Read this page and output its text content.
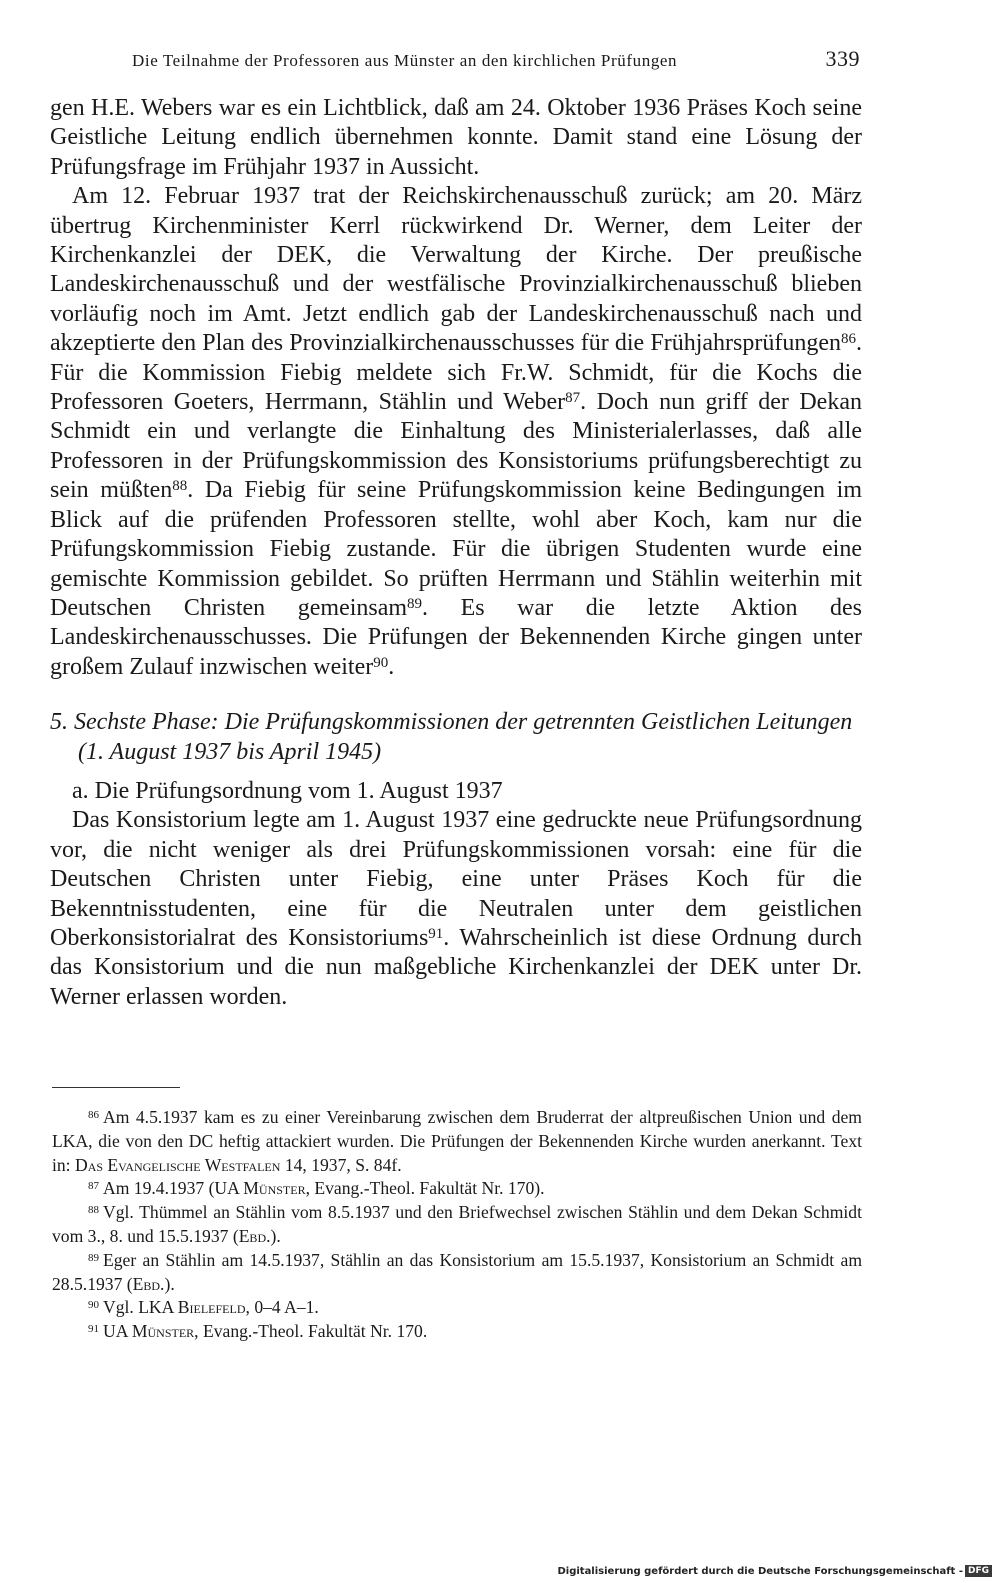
Die Teilnahme der Professoren aus Münster an den kirchlichen Prüfungen	339

gen H.E. Webers war es ein Lichtblick, daß am 24. Oktober 1936 Präses Koch seine Geistliche Leitung endlich übernehmen konnte. Damit stand eine Lösung der Prüfungsfrage im Frühjahr 1937 in Aussicht.

Am 12. Februar 1937 trat der Reichskirchenausschuß zurück; am 20. März übertrug Kirchenminister Kerrl rückwirkend Dr. Werner, dem Leiter der Kirchenkanzlei der DEK, die Verwaltung der Kirche. Der preußische Landeskirchenausschuß und der westfälische Provinzialkirchenausschuß blieben vorläufig noch im Amt. Jetzt endlich gab der Landeskirchenausschuß nach und akzeptierte den Plan des Provinzialkirchenausschusses für die Frühjahrsprüfungen$^{86}$. Für die Kommission Fiebig meldete sich Fr.W. Schmidt, für die Kochs die Professoren Goeters, Herrmann, Stählin und Weber$^{87}$. Doch nun griff der Dekan Schmidt ein und verlangte die Einhaltung des Ministerialerlasses, daß alle Professoren in der Prüfungskommission des Konsistoriums prüfungsberechtigt zu sein müßten$^{88}$. Da Fiebig für seine Prüfungskommission keine Bedingungen im Blick auf die prüfenden Professoren stellte, wohl aber Koch, kam nur die Prüfungskommission Fiebig zustande. Für die übrigen Studenten wurde eine gemischte Kommission gebildet. So prüften Herrmann und Stählin weiterhin mit Deutschen Christen gemeinsam$^{89}$. Es war die letzte Aktion des Landeskirchenausschusses. Die Prüfungen der Bekennenden Kirche gingen unter großem Zulauf inzwischen weiter$^{90}$.

5. Sechste Phase: Die Prüfungskommissionen der getrennten Geistlichen Leitungen (1. August 1937 bis April 1945)

a. Die Prüfungsordnung vom 1. August 1937

Das Konsistorium legte am 1. August 1937 eine gedruckte neue Prüfungsordnung vor, die nicht weniger als drei Prüfungskommissionen vorsah: eine für die Deutschen Christen unter Fiebig, eine unter Präses Koch für die Bekenntnisstudenten, eine für die Neutralen unter dem geistlichen Oberkonsistorialrat des Konsistoriums$^{91}$. Wahrscheinlich ist diese Ordnung durch das Konsistorium und die nun maßgebliche Kirchenkanzlei der DEK unter Dr. Werner erlassen worden.

$^{86}$ Am 4.5.1937 kam es zu einer Vereinbarung zwischen dem Bruderrat der altpreußischen Union und dem LKA, die von den DC heftig attackiert wurden. Die Prüfungen der Bekennenden Kirche wurden anerkannt. Text in: Das Evangelische Westfalen 14, 1937, S. 84f.

$^{87}$ Am 19.4.1937 (UA Münster, Evang.-Theol. Fakultät Nr. 170).

$^{88}$ Vgl. Thümmel an Stählin vom 8.5.1937 und den Briefwechsel zwischen Stählin und dem Dekan Schmidt vom 3., 8. und 15.5.1937 (Ebd.).

$^{89}$ Eger an Stählin am 14.5.1937, Stählin an das Konsistorium am 15.5.1937, Konsistorium an Schmidt am 28.5.1937 (Ebd.).

$^{90}$ Vgl. LKA Bielefeld, 0–4 A–1.

$^{91}$ UA Münster, Evang.-Theol. Fakultät Nr. 170.

Digitalisierung gefördert durch die Deutsche Forschungsgemeinschaft - DFG
